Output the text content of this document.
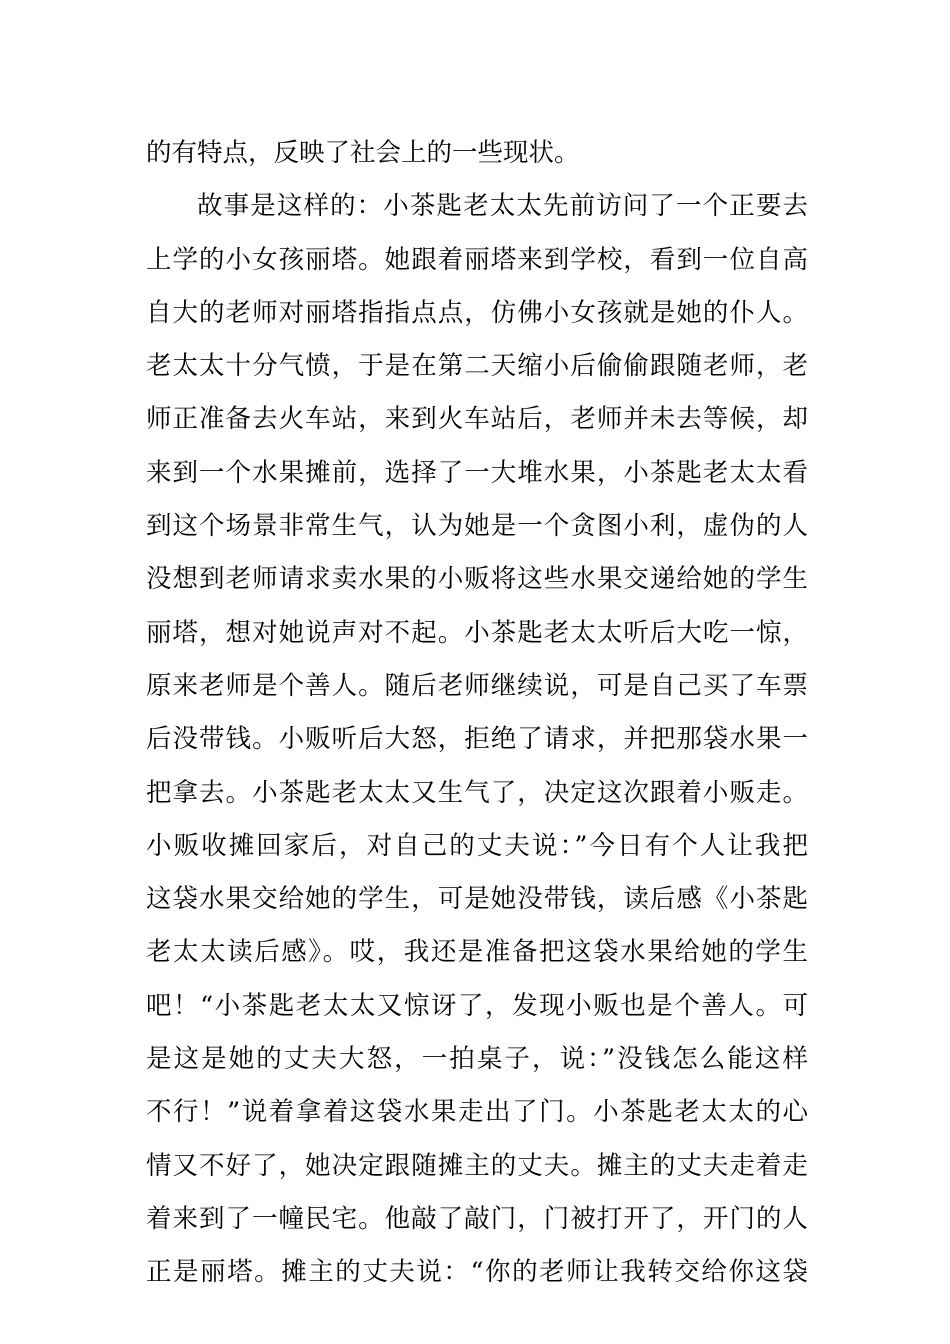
的有特点，反映了社会上的一些现状。
故事是这样的：小茶匙老太太先前访问了一个正要去
上学的小女孩丽塔。她跟着丽塔来到学校，看到一位自高
自大的老师对丽塔指指点点，仿佛小女孩就是她的仆人。
老太太十分气愤，于是在第二天缩小后偷偷跟随老师，老
师正准备去火车站，来到火车站后，老师并未去等候，却
来到一个水果摊前，选择了一大堆水果，小茶匙老太太看
到这个场景非常生气，认为她是一个贪图小利，虚伪的人
没想到老师请求卖水果的小贩将这些水果交递给她的学生
丽塔，想对她说声对不起。小茶匙老太太听后大吃一惊，
原来老师是个善人。随后老师继续说，可是自己买了车票
后没带钱。小贩听后大怒，拒绝了请求，并把那袋水果一
把拿去。小茶匙老太太又生气了，决定这次跟着小贩走。
小贩收摊回家后，对自己的丈夫说：”今日有个人让我把
这袋水果交给她的学生，可是她没带钱，读后感《小茶匙
老太太读后感》。哎，我还是准备把这袋水果给她的学生
吧！“小茶匙老太太又惊讶了，发现小贩也是个善人。可
是这是她的丈夫大怒，一拍桌子，说：”没钱怎么能这样
不行！”说着拿着这袋水果走出了门。小茶匙老太太的心
情又不好了，她决定跟随摊主的丈夫。摊主的丈夫走着走
着来到了一幢民宅。他敲了敲门，门被打开了，开门的人
正是丽塔。摊主的丈夫说：“你的老师让我转交给你这袋
